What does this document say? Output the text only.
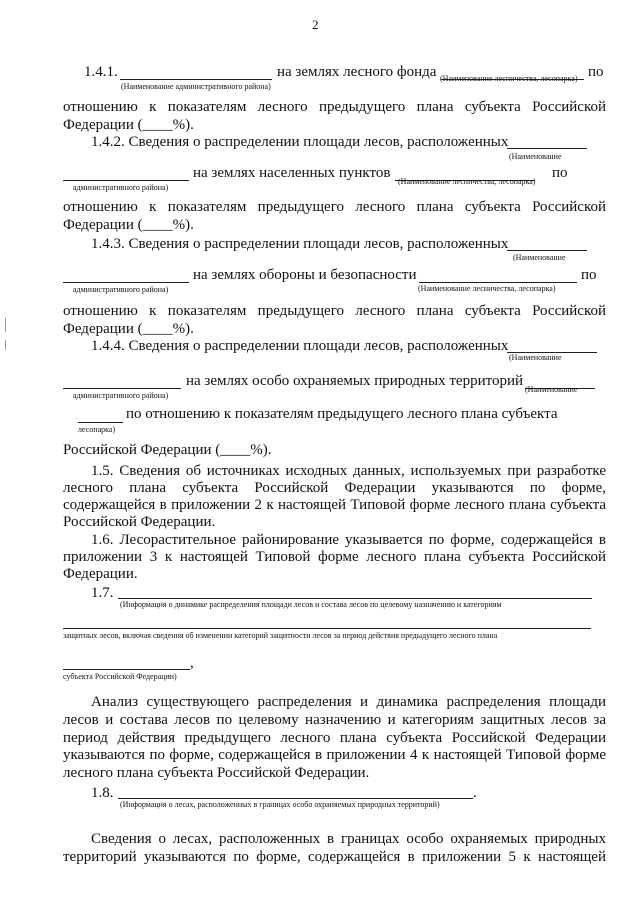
2
1.4.1.	на землях лесного фонда	по
(Наименование административного района)
(Наименование лесничества, лесопарка)
отношению к показателям лесного предыдущего плана субъекта Российской
Федерации (____%).
1.4.2. Сведения о распределении площади лесов, расположенных
(Наименование
на землях населенных пунктов	по
административного района)
(Наименование лесничества, лесопарка)
отношению к показателям предыдущего лесного плана субъекта Российской
Федерации (____%).
1.4.3. Сведения о распределении площади лесов, расположенных
(Наименование
на землях обороны и безопасности	по
административного района)	(Наименование лесничества, лесопарка)
отношению к показателям предыдущего лесного плана субъекта Российской
Федерации (____%).
1.4.4. Сведения о распределении площади лесов, расположенных
(Наименование
на землях особо охраняемых природных территорий
административного района)
(Наименование
по отношению к показателям предыдущего лесного плана субъекта
лесопарка)
Российской Федерации (____%).
1.5. Сведения об источниках исходных данных, используемых при разработке
лесного плана субъекта Российской Федерации указываются по форме,
содержащейся в приложении 2 к настоящей Типовой форме лесного плана субъекта
Российской Федерации.
1.6. Лесорастительное районирование указывается по форме, содержащейся в
приложении 3 к настоящей Типовой форме лесного плана субъекта Российской
Федерации.
1.7.
(Информация о динамике распределения площади лесов и состава лесов по целевому назначению и категориям
защитных лесов, включая сведения об изменении категорий защитности лесов за период действия предыдущего лесного плана
,
субъекта Российской Федерации)
Анализ существующего распределения и динамика распределения площади
лесов и состава лесов по целевому назначению и категориям защитных лесов за
период действия предыдущего лесного плана субъекта Российской Федерации
указываются по форме, содержащейся в приложении 4 к настоящей Типовой форме
лесного плана субъекта Российской Федерации.
1.8.	.
(Информация о лесах, расположенных в границах особо охраняемых природных территорий)
Сведения о лесах, расположенных в границах особо охраняемых природных
территорий указываются по форме, содержащейся в приложении 5 к настоящей
